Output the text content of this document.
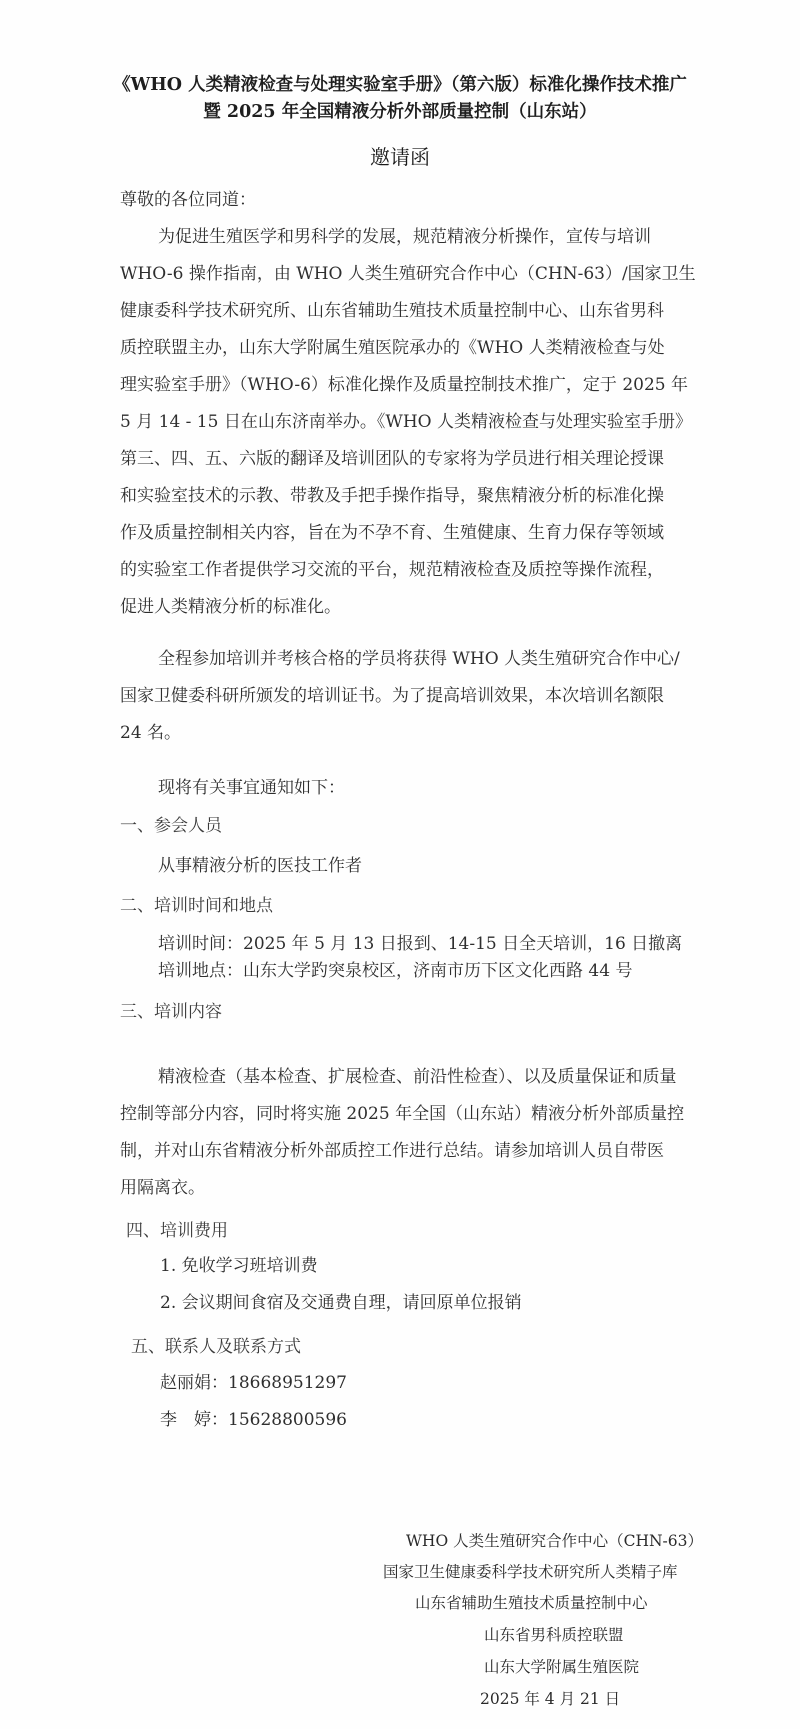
《WHO 人类精液检查与处理实验室手册》（第六版）标准化操作技术推广
暨 2025 年全国精液分析外部质量控制（山东站）
邀请函
尊敬的各位同道：
为促进生殖医学和男科学的发展，规范精液分析操作，宣传与培训
WHO-6 操作指南，由 WHO 人类生殖研究合作中心（CHN-63）/国家卫生
健康委科学技术研究所、山东省辅助生殖技术质量控制中心、山东省男科
质控联盟主办，山东大学附属生殖医院承办的《WHO 人类精液检查与处
理实验室手册》（WHO-6）标准化操作及质量控制技术推广，定于 2025 年
5 月 14 - 15 日在山东济南举办。《WHO 人类精液检查与处理实验室手册》
第三、四、五、六版的翻译及培训团队的专家将为学员进行相关理论授课
和实验室技术的示教、带教及手把手操作指导，聚焦精液分析的标准化操
作及质量控制相关内容，旨在为不孕不育、生殖健康、生育力保存等领域
的实验室工作者提供学习交流的平台，规范精液检查及质控等操作流程，
促进人类精液分析的标准化。
全程参加培训并考核合格的学员将获得 WHO 人类生殖研究合作中心/
国家卫健委科研所颁发的培训证书。为了提高培训效果，本次培训名额限
24 名。
现将有关事宜通知如下：
一、参会人员
从事精液分析的医技工作者
二、培训时间和地点
培训时间：2025 年 5 月 13 日报到、14-15 日全天培训，16 日撤离
培训地点：山东大学趵突泉校区，济南市历下区文化西路 44 号
三、培训内容
精液检查（基本检查、扩展检查、前沿性检查）、以及质量保证和质量
控制等部分内容，同时将实施 2025 年全国（山东站）精液分析外部质量控
制，并对山东省精液分析外部质控工作进行总结。请参加培训人员自带医
用隔离衣。
四、培训费用
1. 免收学习班培训费
2. 会议期间食宿及交通费自理，请回原单位报销
五、联系人及联系方式
赵丽娟：18668951297
李　婷：15628800596
WHO 人类生殖研究合作中心（CHN-63）
国家卫生健康委科学技术研究所人类精子库
山东省辅助生殖技术质量控制中心
山东省男科质控联盟
山东大学附属生殖医院
2025 年 4 月 21 日
